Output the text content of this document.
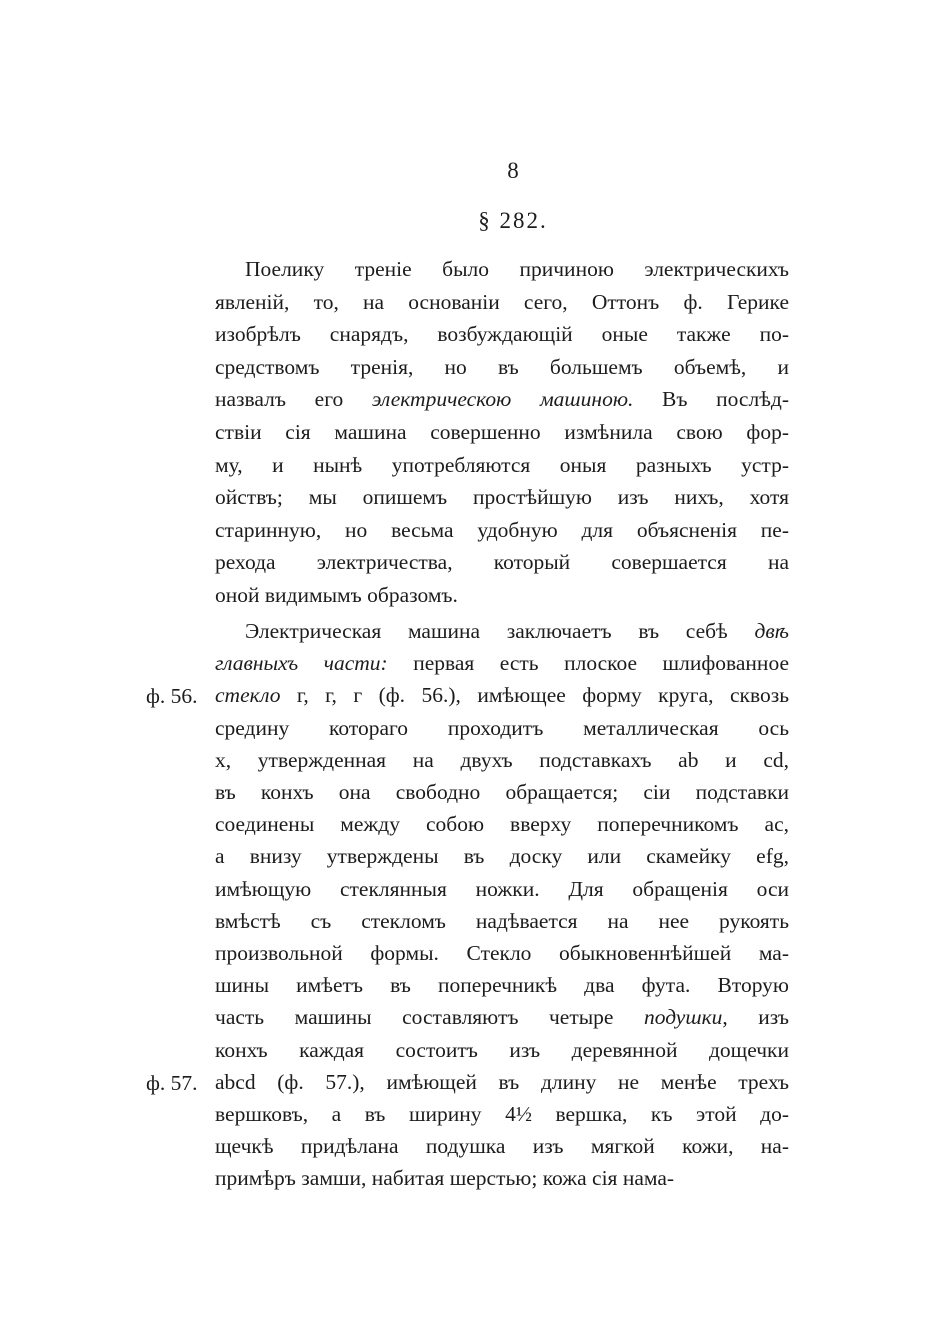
8
§ 282.
Поелику треніе было причиною электрическихъ
явленій, то, на основаніи сего, Оттонъ ф. Герике
изобрѣлъ снарядъ, возбуждающій оные также по-
средствомъ тренія, но въ большемъ объемѣ, и
назвалъ его электрическою машиною. Въ послѣд-
ствіи сія машина совершенно измѣнила свою фор-
му, и нынѣ употребляются оныя разныхъ устр-
ойствъ; мы опишемъ простѣйшую изъ нихъ, хотя
старинную, но весьма удобную для объясненія пе-
рехода электричества, который совершается на
оной видимымъ образомъ.
Электрическая машина заключаетъ въ себѣ двѣ
главныхъ части: первая есть плоское шлифованное
стекло г, г, г (ф. 56.), имѣющее форму круга, сквозь
средину котораго проходитъ металлическая ось
х, утвержденная на двухъ подставкахъ ab и cd,
въ конхъ она свободно обращается; сіи подставки
соединены между собою вверху поперечникомъ ас,
а внизу утверждены въ доску или скамейку efg,
имѣющую стеклянныя ножки. Для обращенія оси
вмѣстѣ съ стекломъ надѣвается на нее рукоять
произвольной формы. Стекло обыкновеннѣйшей ма-
шины имѣетъ въ поперечникѣ два фута. Вторую
часть машины составляютъ четыре подушки, изъ
конхъ каждая состоитъ изъ деревянной дощечки
abcd (ф. 57.), имѣющей въ длину не менѣе трехъ
вершковъ, а въ ширину 4½ вершка, къ этой до-
щечкѣ придѣлана подушка изъ мягкой кожи, на-
примѣръ замши, набитая шерстью; кожа сія нама-
ф. 56.
ф. 57.
